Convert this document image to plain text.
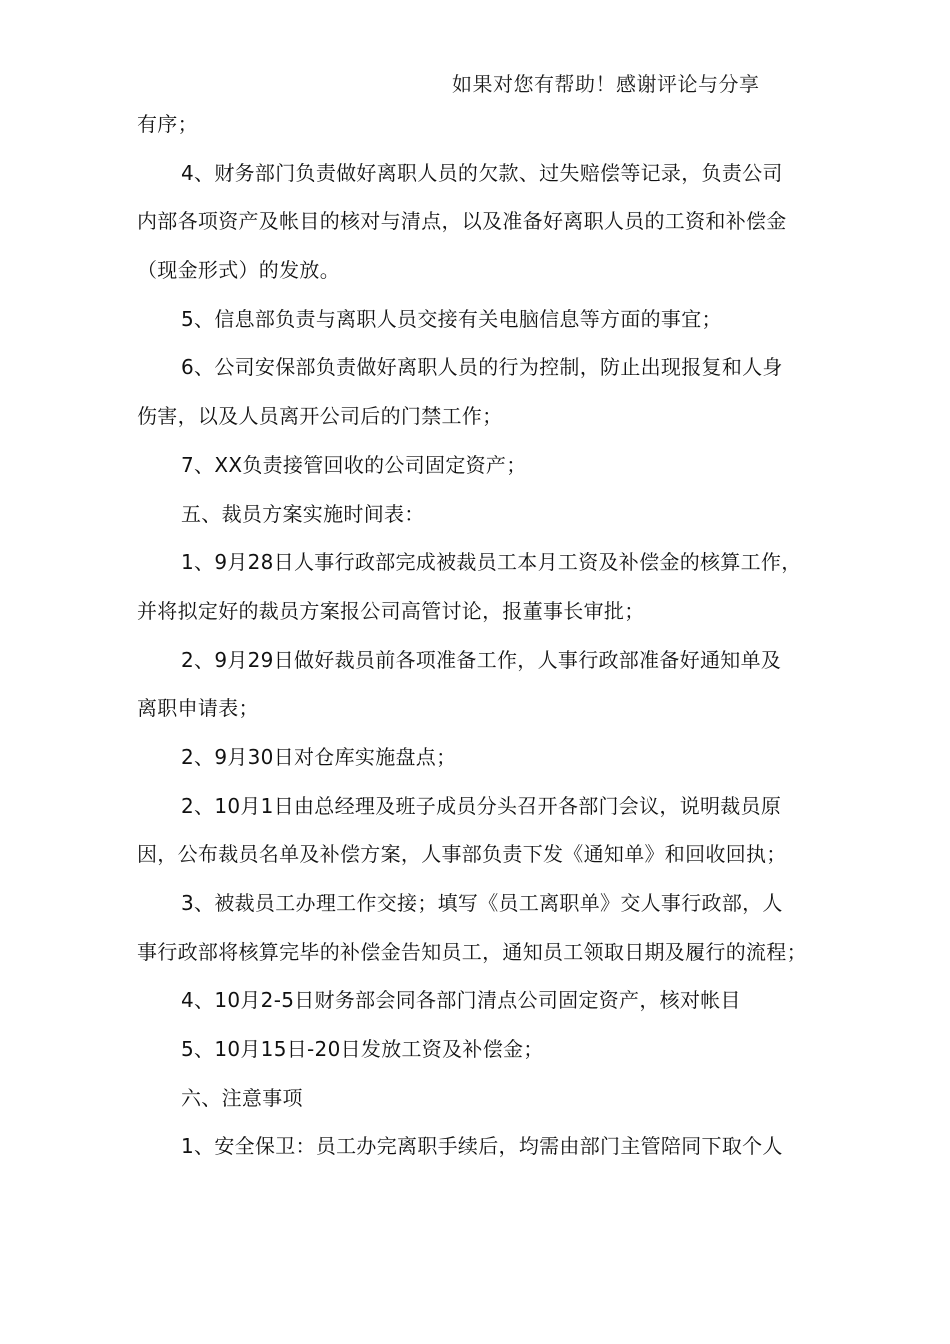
如果对您有帮助！感谢评论与分享
有序；
4、财务部门负责做好离职人员的欠款、过失赔偿等记录，负责公司
内部各项资产及帐目的核对与清点，以及准备好离职人员的工资和补偿金
（现金形式）的发放。
5、信息部负责与离职人员交接有关电脑信息等方面的事宜；
6、公司安保部负责做好离职人员的行为控制，防止出现报复和人身
伤害，以及人员离开公司后的门禁工作；
7、XX负责接管回收的公司固定资产；
五、裁员方案实施时间表：
1、9月28日人事行政部完成被裁员工本月工资及补偿金的核算工作，
并将拟定好的裁员方案报公司高管讨论，报董事长审批；
2、9月29日做好裁员前各项准备工作，人事行政部准备好通知单及
离职申请表；
2、9月30日对仓库实施盘点；
2、10月1日由总经理及班子成员分头召开各部门会议，说明裁员原
因，公布裁员名单及补偿方案，人事部负责下发《通知单》和回收回执；
3、被裁员工办理工作交接；填写《员工离职单》交人事行政部，人
事行政部将核算完毕的补偿金告知员工，通知员工领取日期及履行的流程；
4、10月2-5日财务部会同各部门清点公司固定资产，核对帐目
5、10月15日-20日发放工资及补偿金；
六、注意事项
1、安全保卫：员工办完离职手续后，均需由部门主管陪同下取个人
